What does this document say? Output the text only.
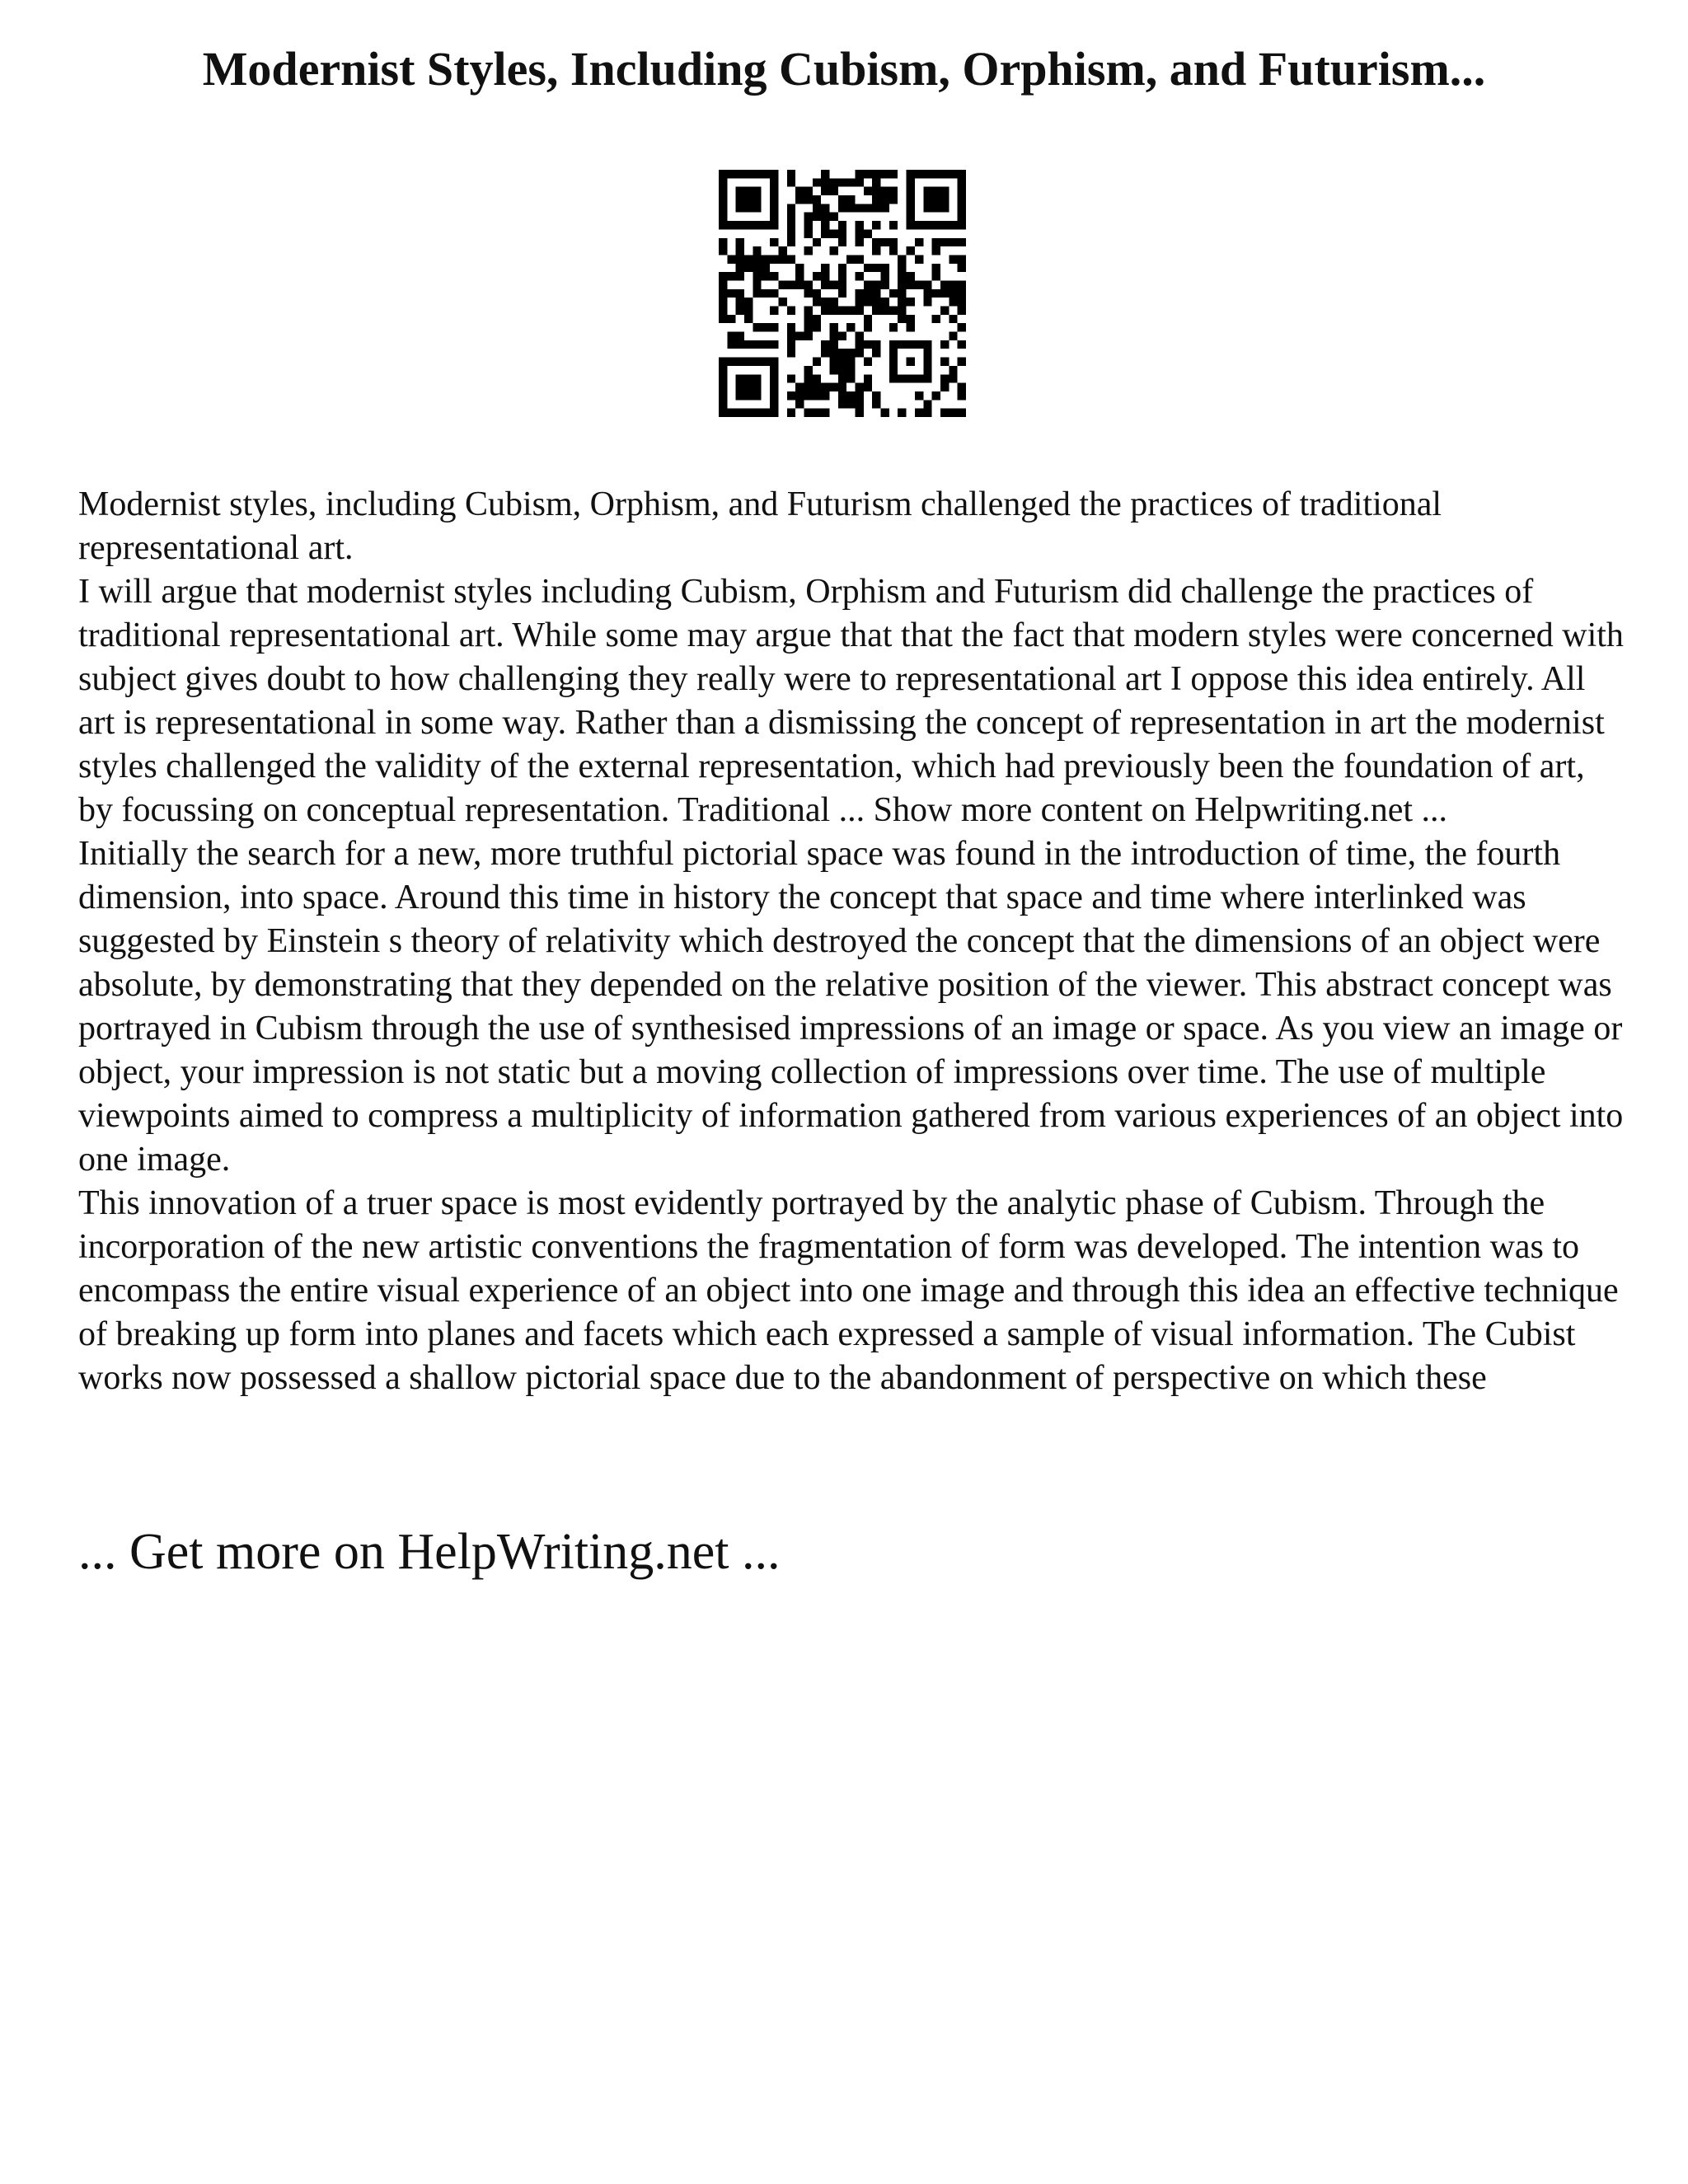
Modernist Styles, Including Cubism, Orphism, and Futurism...

Modernist styles, including Cubism, Orphism, and Futurism challenged the practices of traditional representational art.

I will argue that modernist styles including Cubism, Orphism and Futurism did challenge the practices of traditional representational art. While some may argue that that the fact that modern styles were concerned with subject gives doubt to how challenging they really were to representational art I oppose this idea entirely. All art is representational in some way. Rather than a dismissing the concept of representation in art the modernist styles challenged the validity of the external representation, which had previously been the foundation of art, by focussing on conceptual representation. Traditional ... Show more content on Helpwriting.net ...

Initially the search for a new, more truthful pictorial space was found in the introduction of time, the fourth dimension, into space. Around this time in history the concept that space and time where interlinked was suggested by Einstein s theory of relativity which destroyed the concept that the dimensions of an object were absolute, by demonstrating that they depended on the relative position of the viewer. This abstract concept was portrayed in Cubism through the use of synthesised impressions of an image or space. As you view an image or object, your impression is not static but a moving collection of impressions over time. The use of multiple viewpoints aimed to compress a multiplicity of information gathered from various experiences of an object into one image.

This innovation of a truer space is most evidently portrayed by the analytic phase of Cubism. Through the incorporation of the new artistic conventions the fragmentation of form was developed. The intention was to encompass the entire visual experience of an object into one image and through this idea an effective technique of breaking up form into planes and facets which each expressed a sample of visual information. The Cubist works now possessed a shallow pictorial space due to the abandonment of perspective on which these

... Get more on HelpWriting.net ...
